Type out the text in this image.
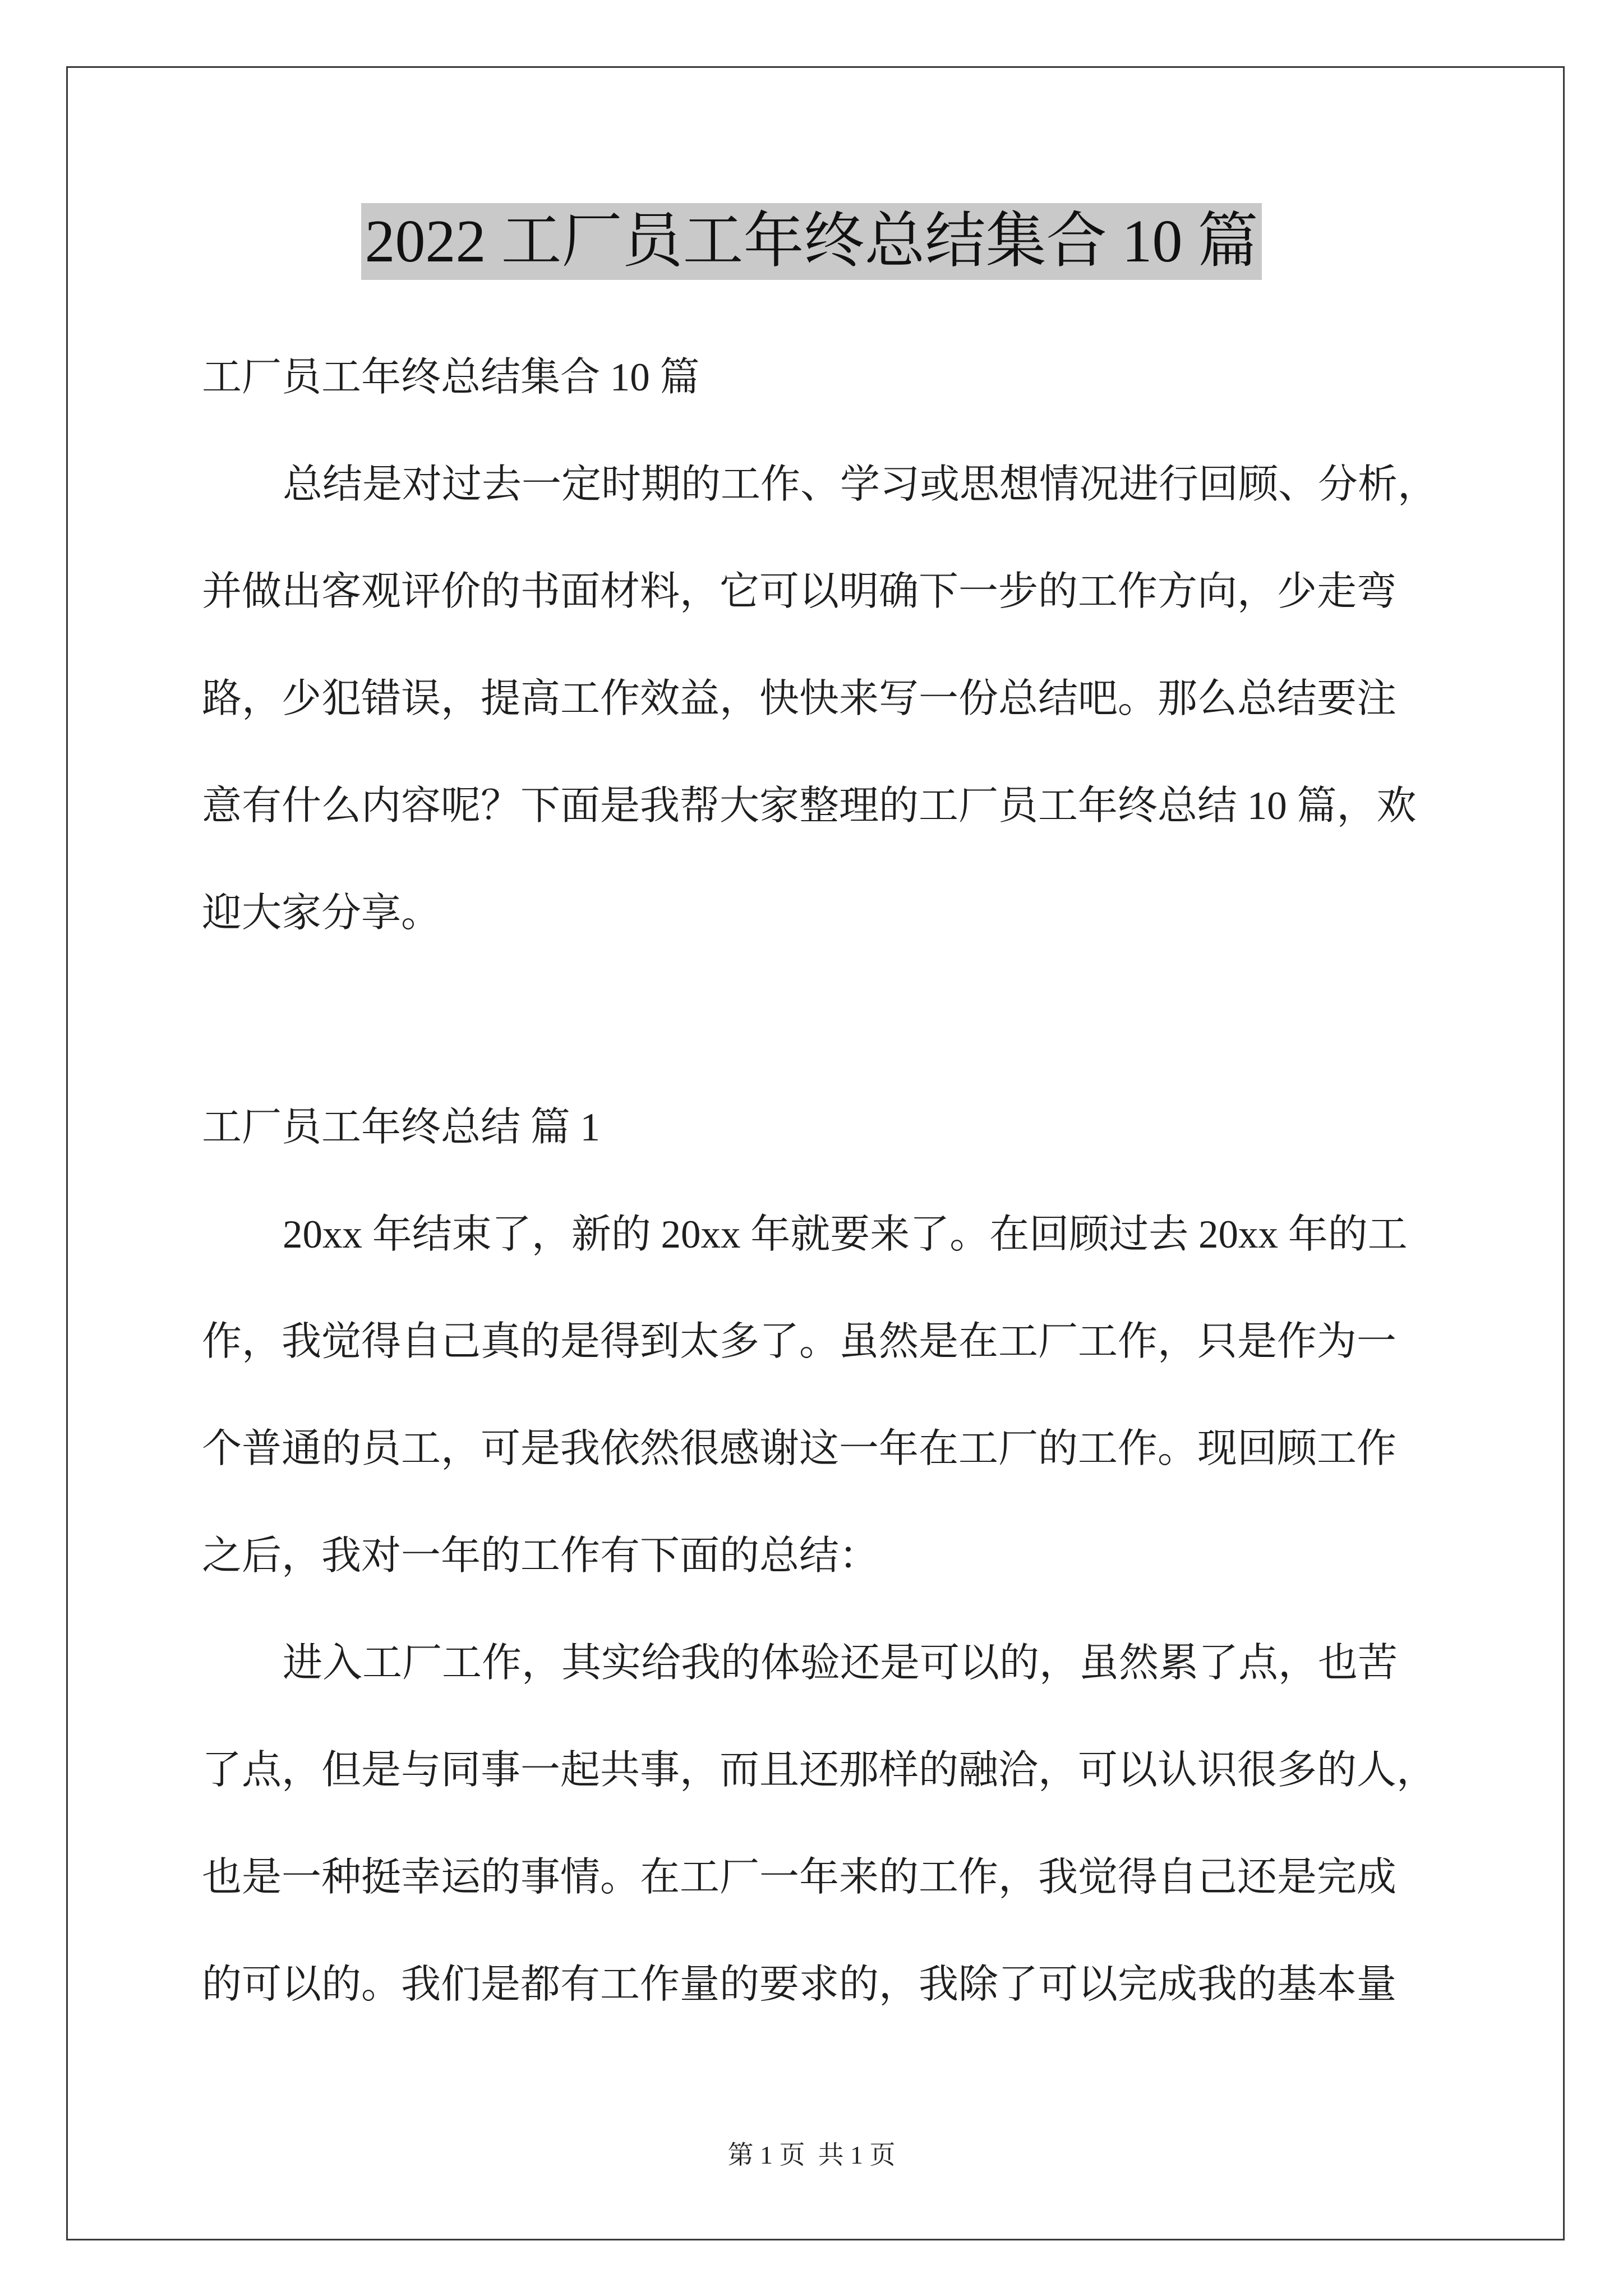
2022 工厂员工年终总结集合 10 篇
工厂员工年终总结集合 10 篇
总结是对过去一定时期的工作、学习或思想情况进行回顾、分析，
并做出客观评价的书面材料，它可以明确下一步的工作方向，少走弯
路，少犯错误，提高工作效益，快快来写一份总结吧。那么总结要注
意有什么内容呢？下面是我帮大家整理的工厂员工年终总结 10 篇，欢
迎大家分享。
工厂员工年终总结 篇 1
20xx 年结束了，新的 20xx 年就要来了。在回顾过去 20xx 年的工
作，我觉得自己真的是得到太多了。虽然是在工厂工作，只是作为一
个普通的员工，可是我依然很感谢这一年在工厂的工作。现回顾工作
之后，我对一年的工作有下面的总结：
进入工厂工作，其实给我的体验还是可以的，虽然累了点，也苦
了点，但是与同事一起共事，而且还那样的融洽，可以认识很多的人，
也是一种挺幸运的事情。在工厂一年来的工作，我觉得自己还是完成
的可以的。我们是都有工作量的要求的，我除了可以完成我的基本量
第 1 页  共 1 页
